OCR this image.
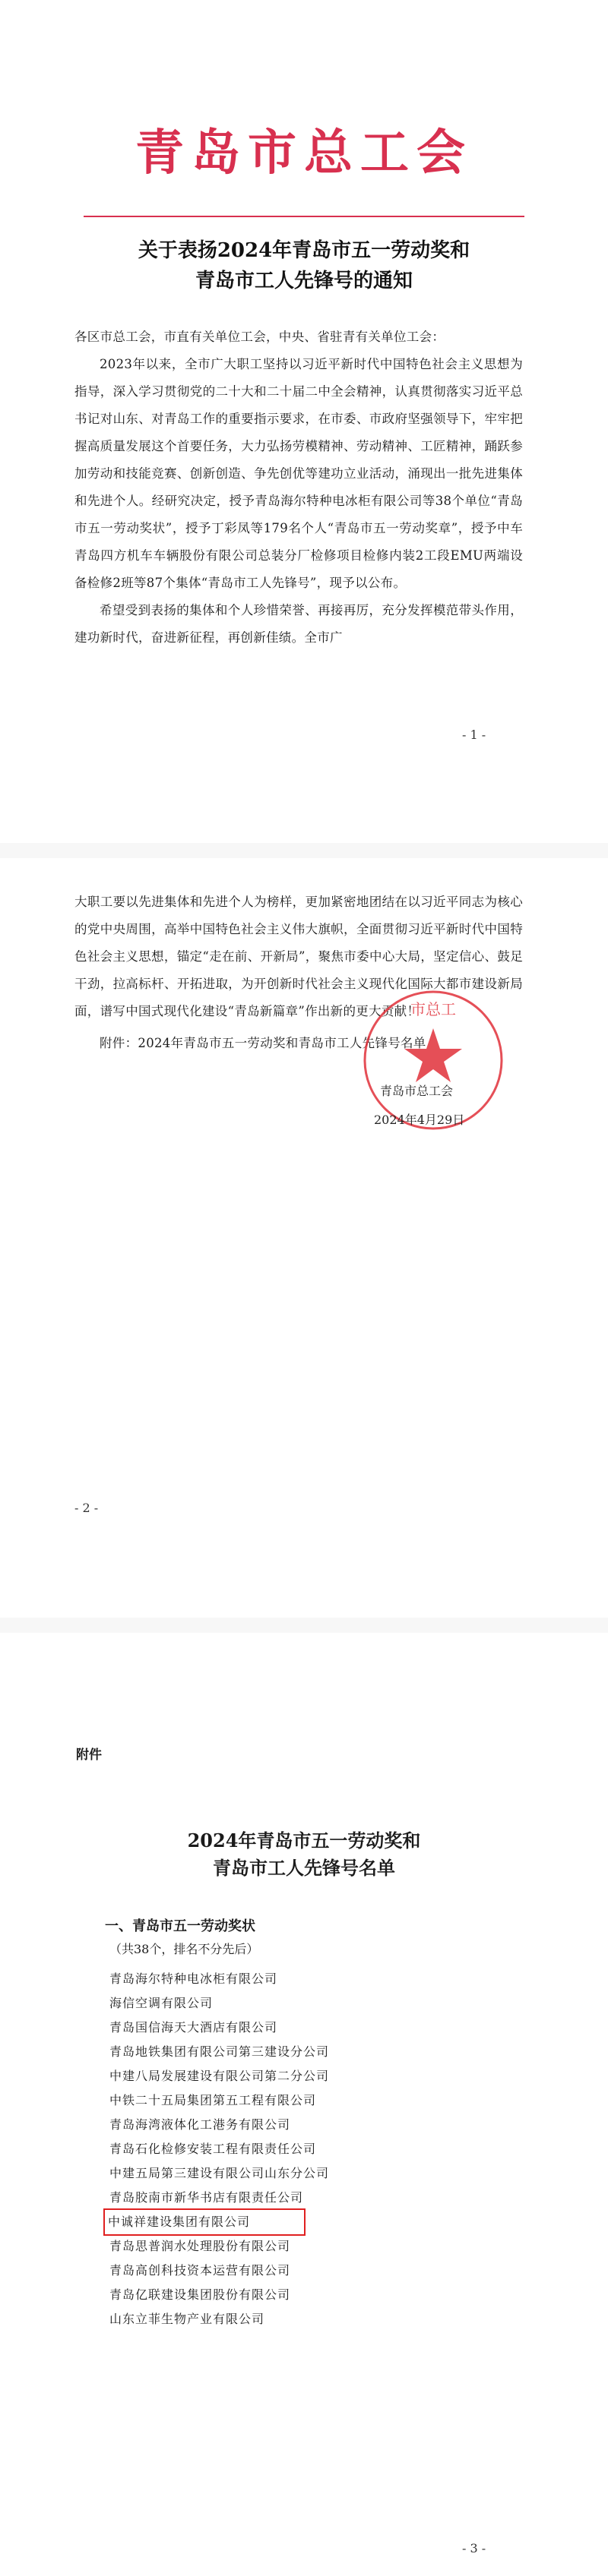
青岛市总工会
关于表扬2024年青岛市五一劳动奖和
青岛市工人先锋号的通知

各区市总工会，市直有关单位工会，中央、省驻青有关单位工会：

2023年以来，全市广大职工坚持以习近平新时代中国特色社会主义思想为指导，深入学习贯彻党的二十大和二十届二中全会精神，认真贯彻落实习近平总书记对山东、对青岛工作的重要指示要求，在市委、市政府坚强领导下，牢牢把握高质量发展这个首要任务，大力弘扬劳模精神、劳动精神、工匠精神，踊跃参加劳动和技能竞赛、创新创造、争先创优等建功立业活动，涌现出一批先进集体和先进个人。经研究决定，授予青岛海尔特种电冰柜有限公司等38个单位“青岛市五一劳动奖状”，授予丁彩凤等179名个人“青岛市五一劳动奖章”，授予中车青岛四方机车车辆股份有限公司总装分厂检修项目检修内装2工段EMU两端设备检修2班等87个集体“青岛市工人先锋号”，现予以公布。

希望受到表扬的集体和个人珍惜荣誉、再接再厉，充分发挥模范带头作用，建功新时代，奋进新征程，再创新佳绩。全市广

- 1 -

大职工要以先进集体和先进个人为榜样，更加紧密地团结在以习近平同志为核心的党中央周围，高举中国特色社会主义伟大旗帜，全面贯彻习近平新时代中国特色社会主义思想，锚定“走在前、开新局”，聚焦市委中心大局，坚定信心、鼓足干劲，拉高标杆、开拓进取，为开创新时代社会主义现代化国际大都市建设新局面，谱写中国式现代化建设“青岛新篇章”作出新的更大贡献！

附件：2024年青岛市五一劳动奖和青岛市工人先锋号名单

市总工
青岛市总工会
2024年4月29日
- 2 -
附件
2024年青岛市五一劳动奖和
青岛市工人先锋号名单
一、青岛市五一劳动奖状
（共38个，排名不分先后）
青岛海尔特种电冰柜有限公司
海信空调有限公司
青岛国信海天大酒店有限公司
青岛地铁集团有限公司第三建设分公司
中建八局发展建设有限公司第二分公司
中铁二十五局集团第五工程有限公司
青岛海湾液体化工港务有限公司
青岛石化检修安装工程有限责任公司
中建五局第三建设有限公司山东分公司
青岛胶南市新华书店有限责任公司
中诚祥建设集团有限公司
青岛思普润水处理股份有限公司
青岛高创科技资本运营有限公司
青岛亿联建设集团股份有限公司
山东立菲生物产业有限公司
- 3 -
